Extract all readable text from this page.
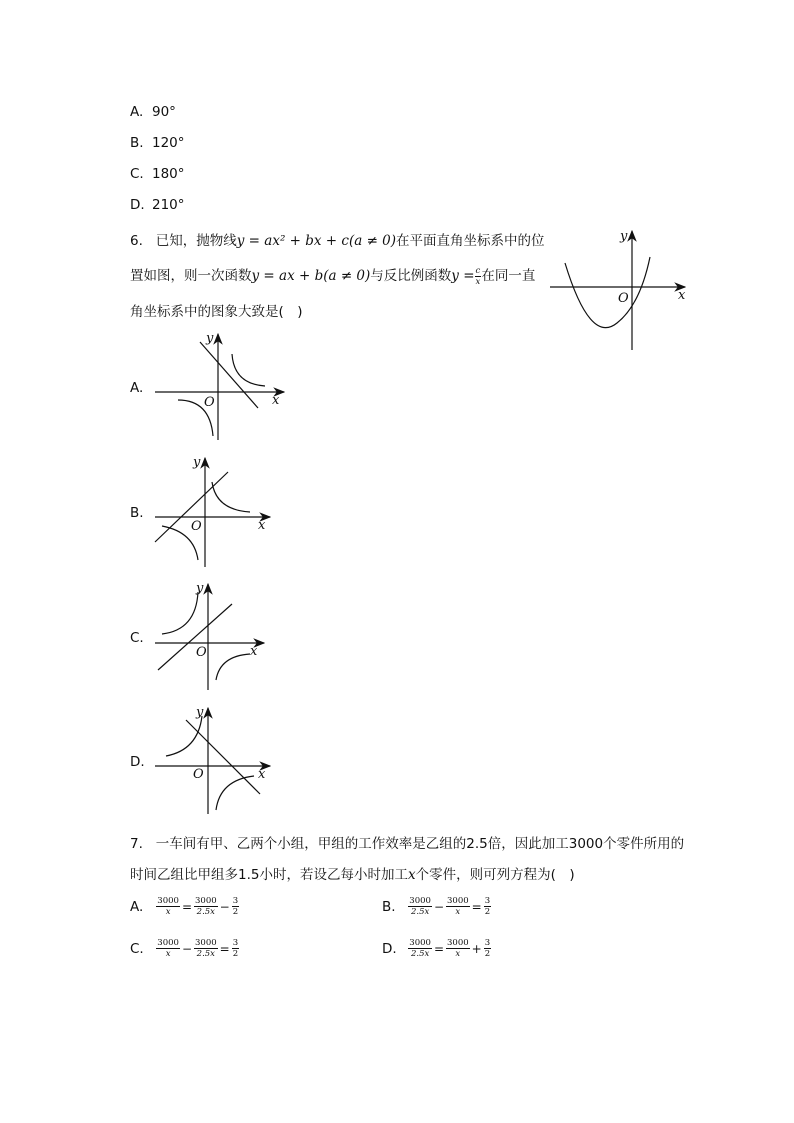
A. 90°
B. 120°
C. 180°
D. 210°
6. 已知，抛物线y = ax² + bx + c(a ≠ 0)在平面直角坐标系中的位
置如图，则一次函数y = ax + b(a ≠ 0)与反比例函数$y = \frac{c}{x}$ 在同一直
角坐标系中的图象大致是(　)
y
x
O
A.
y
x
O
B.
y
x
O
C.
y
x
O
D.
y
x
O
7. 一车间有甲、乙两个小组，甲组的工作效率是乙组的2.5倍，因此加工3000个零件所用的
时间乙组比甲组多1.5小时，若设乙每小时加工x个零件，则可列方程为(　)
A. $\frac{3000}{x} = \frac{3000}{2.5x} - \frac{3}{2}$	B. $\frac{3000}{2.5x} - \frac{3000}{x} = \frac{3}{2}$
C. $\frac{3000}{x} - \frac{3000}{2.5x} = \frac{3}{2}$	D. $\frac{3000}{2.5x} = \frac{3000}{x} + \frac{3}{2}$
